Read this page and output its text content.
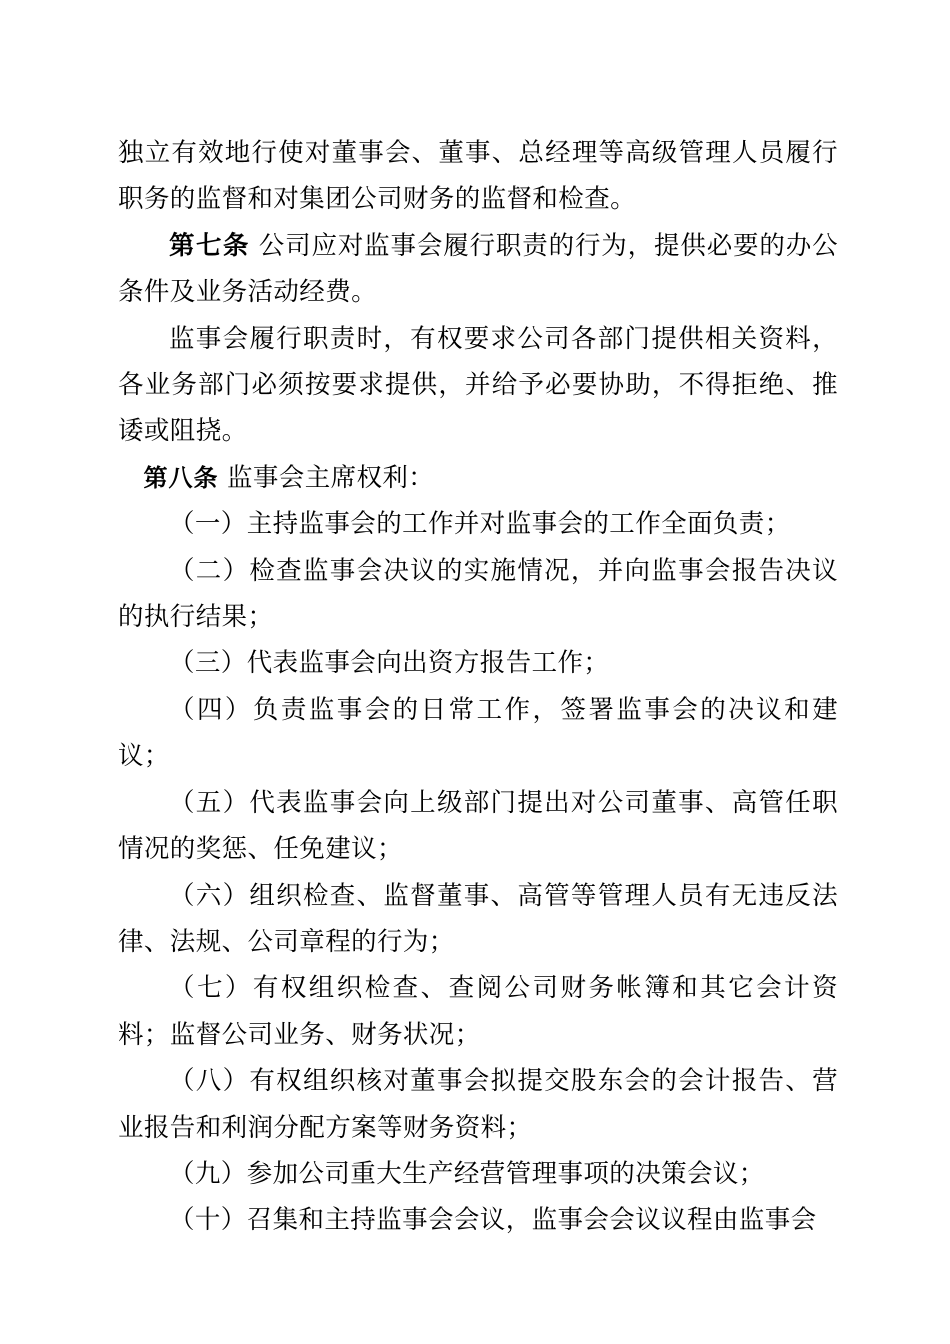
独立有效地行使对董事会、董事、总经理等高级管理人员履行职务的监督和对集团公司财务的监督和检查。

第七条 公司应对监事会履行职责的行为，提供必要的办公条件及业务活动经费。

监事会履行职责时，有权要求公司各部门提供相关资料，各业务部门必须按要求提供，并给予必要协助，不得拒绝、推诿或阻挠。

第八条 监事会主席权利：

（一）主持监事会的工作并对监事会的工作全面负责；

（二）检查监事会决议的实施情况，并向监事会报告决议的执行结果；

（三）代表监事会向出资方报告工作；

（四）负责监事会的日常工作，签署监事会的决议和建议；

（五）代表监事会向上级部门提出对公司董事、高管任职情况的奖惩、任免建议；

（六）组织检查、监督董事、高管等管理人员有无违反法律、法规、公司章程的行为；

（七）有权组织检查、查阅公司财务帐簿和其它会计资料；监督公司业务、财务状况；

（八）有权组织核对董事会拟提交股东会的会计报告、营业报告和利润分配方案等财务资料；

（九）参加公司重大生产经营管理事项的决策会议；

（十）召集和主持监事会会议，监事会会议议程由监事会
